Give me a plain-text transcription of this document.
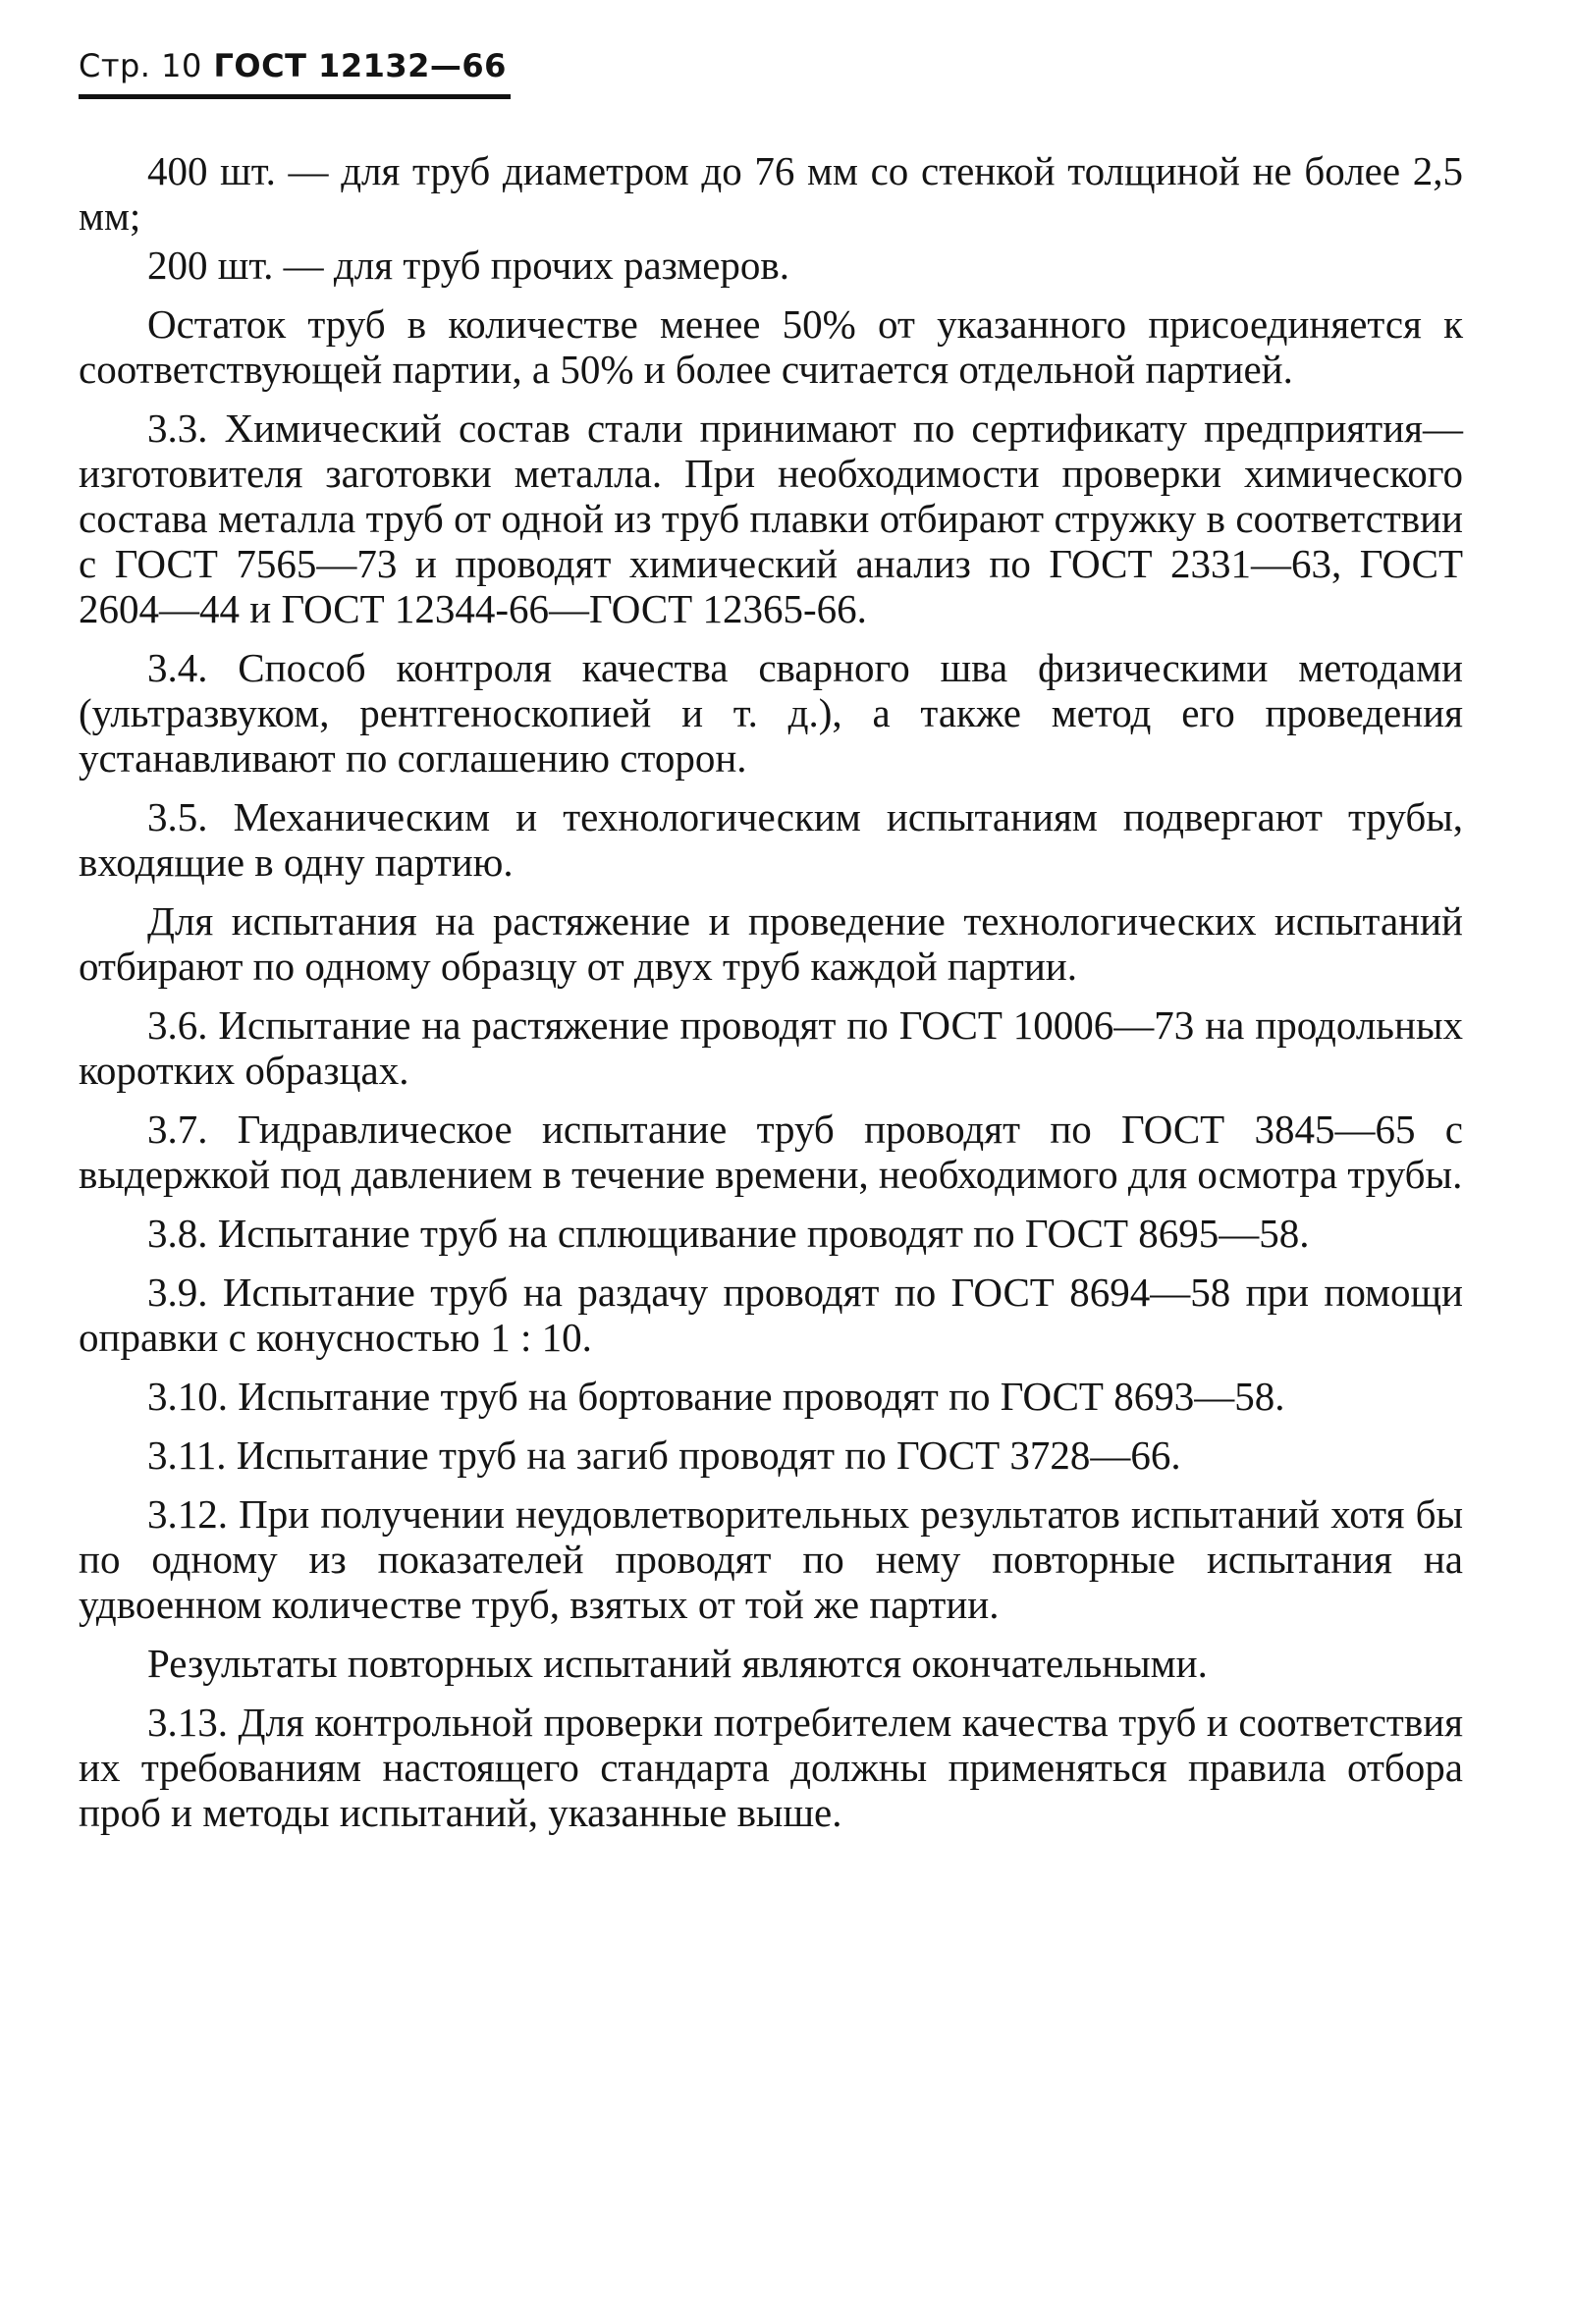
Стр. 10 ГОСТ 12132—66

400 шт. — для труб диаметром до 76 мм со стенкой толщиной не более 2,5 мм;

200 шт. — для труб прочих размеров.

Остаток труб в количестве менее 50% от указанного присоединяется к соответствующей партии, а 50% и более считается отдельной партией.

3.3. Химический состав стали принимают по сертификату предприятия—изготовителя заготовки металла. При необходимости проверки химического состава металла труб от одной из труб плавки отбирают стружку в соответствии с ГОСТ 7565—73 и проводят химический анализ по ГОСТ 2331—63, ГОСТ 2604—44 и ГОСТ 12344-66—ГОСТ 12365-66.

3.4. Способ контроля качества сварного шва физическими методами (ультразвуком, рентгеноскопией и т. д.), а также метод его проведения устанавливают по соглашению сторон.

3.5. Механическим и технологическим испытаниям подвергают трубы, входящие в одну партию.

Для испытания на растяжение и проведение технологических испытаний отбирают по одному образцу от двух труб каждой партии.

3.6. Испытание на растяжение проводят по ГОСТ 10006—73 на продольных коротких образцах.

3.7. Гидравлическое испытание труб проводят по ГОСТ 3845—65 с выдержкой под давлением в течение времени, необходимого для осмотра трубы.

3.8. Испытание труб на сплющивание проводят по ГОСТ 8695—58.

3.9. Испытание труб на раздачу проводят по ГОСТ 8694—58 при помощи оправки с конусностью 1 : 10.

3.10. Испытание труб на бортование проводят по ГОСТ 8693—58.

3.11. Испытание труб на загиб проводят по ГОСТ 3728—66.

3.12. При получении неудовлетворительных результатов испытаний хотя бы по одному из показателей проводят по нему повторные испытания на удвоенном количестве труб, взятых от той же партии.

Результаты повторных испытаний являются окончательными.

3.13. Для контрольной проверки потребителем качества труб и соответствия их требованиям настоящего стандарта должны применяться правила отбора проб и методы испытаний, указанные выше.
